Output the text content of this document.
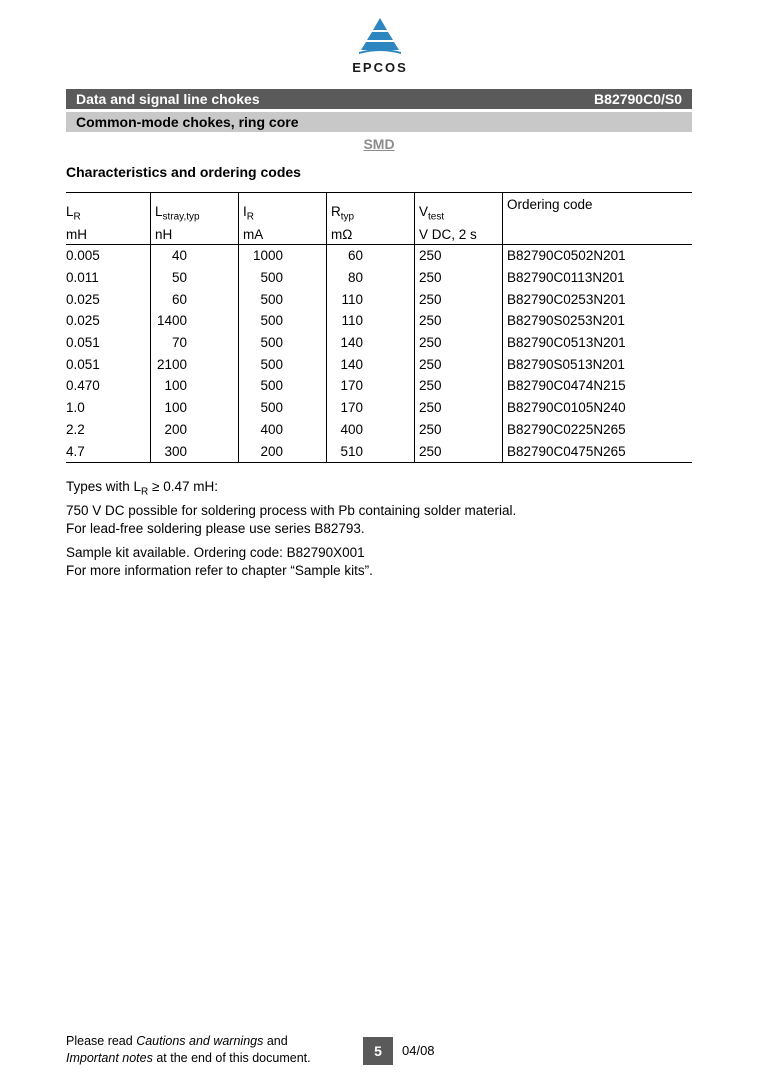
EPCOS
Data and signal line chokes	B82790C0/S0
Common-mode chokes, ring core
SMD
Characteristics and ordering codes
$L_R$	$L_{stray,typ}$	$I_R$	$R_{typ}$	$V_{test}$	Ordering code
mH	nH	mA	mΩ	V DC, 2 s	
0.005	40	1000	60	250	B82790C0502N201
0.011	50	500	80	250	B82790C0113N201
0.025	60	500	110	250	B82790C0253N201
0.025	1400	500	110	250	B82790S0253N201
0.051	70	500	140	250	B82790C0513N201
0.051	2100	500	140	250	B82790S0513N201
0.470	100	500	170	250	B82790C0474N215
1.0	100	500	170	250	B82790C0105N240
2.2	200	400	400	250	B82790C0225N265
4.7	300	200	510	250	B82790C0475N265

Types with $L_R \ge 0.47$ mH:

750 V DC possible for soldering process with Pb containing solder material.

For lead-free soldering please use series B82793.

Sample kit available. Ordering code: B82790X001

For more information refer to chapter “Sample kits”.

Please read Cautions and warnings and
Important notes at the end of this document.	5	04/08
